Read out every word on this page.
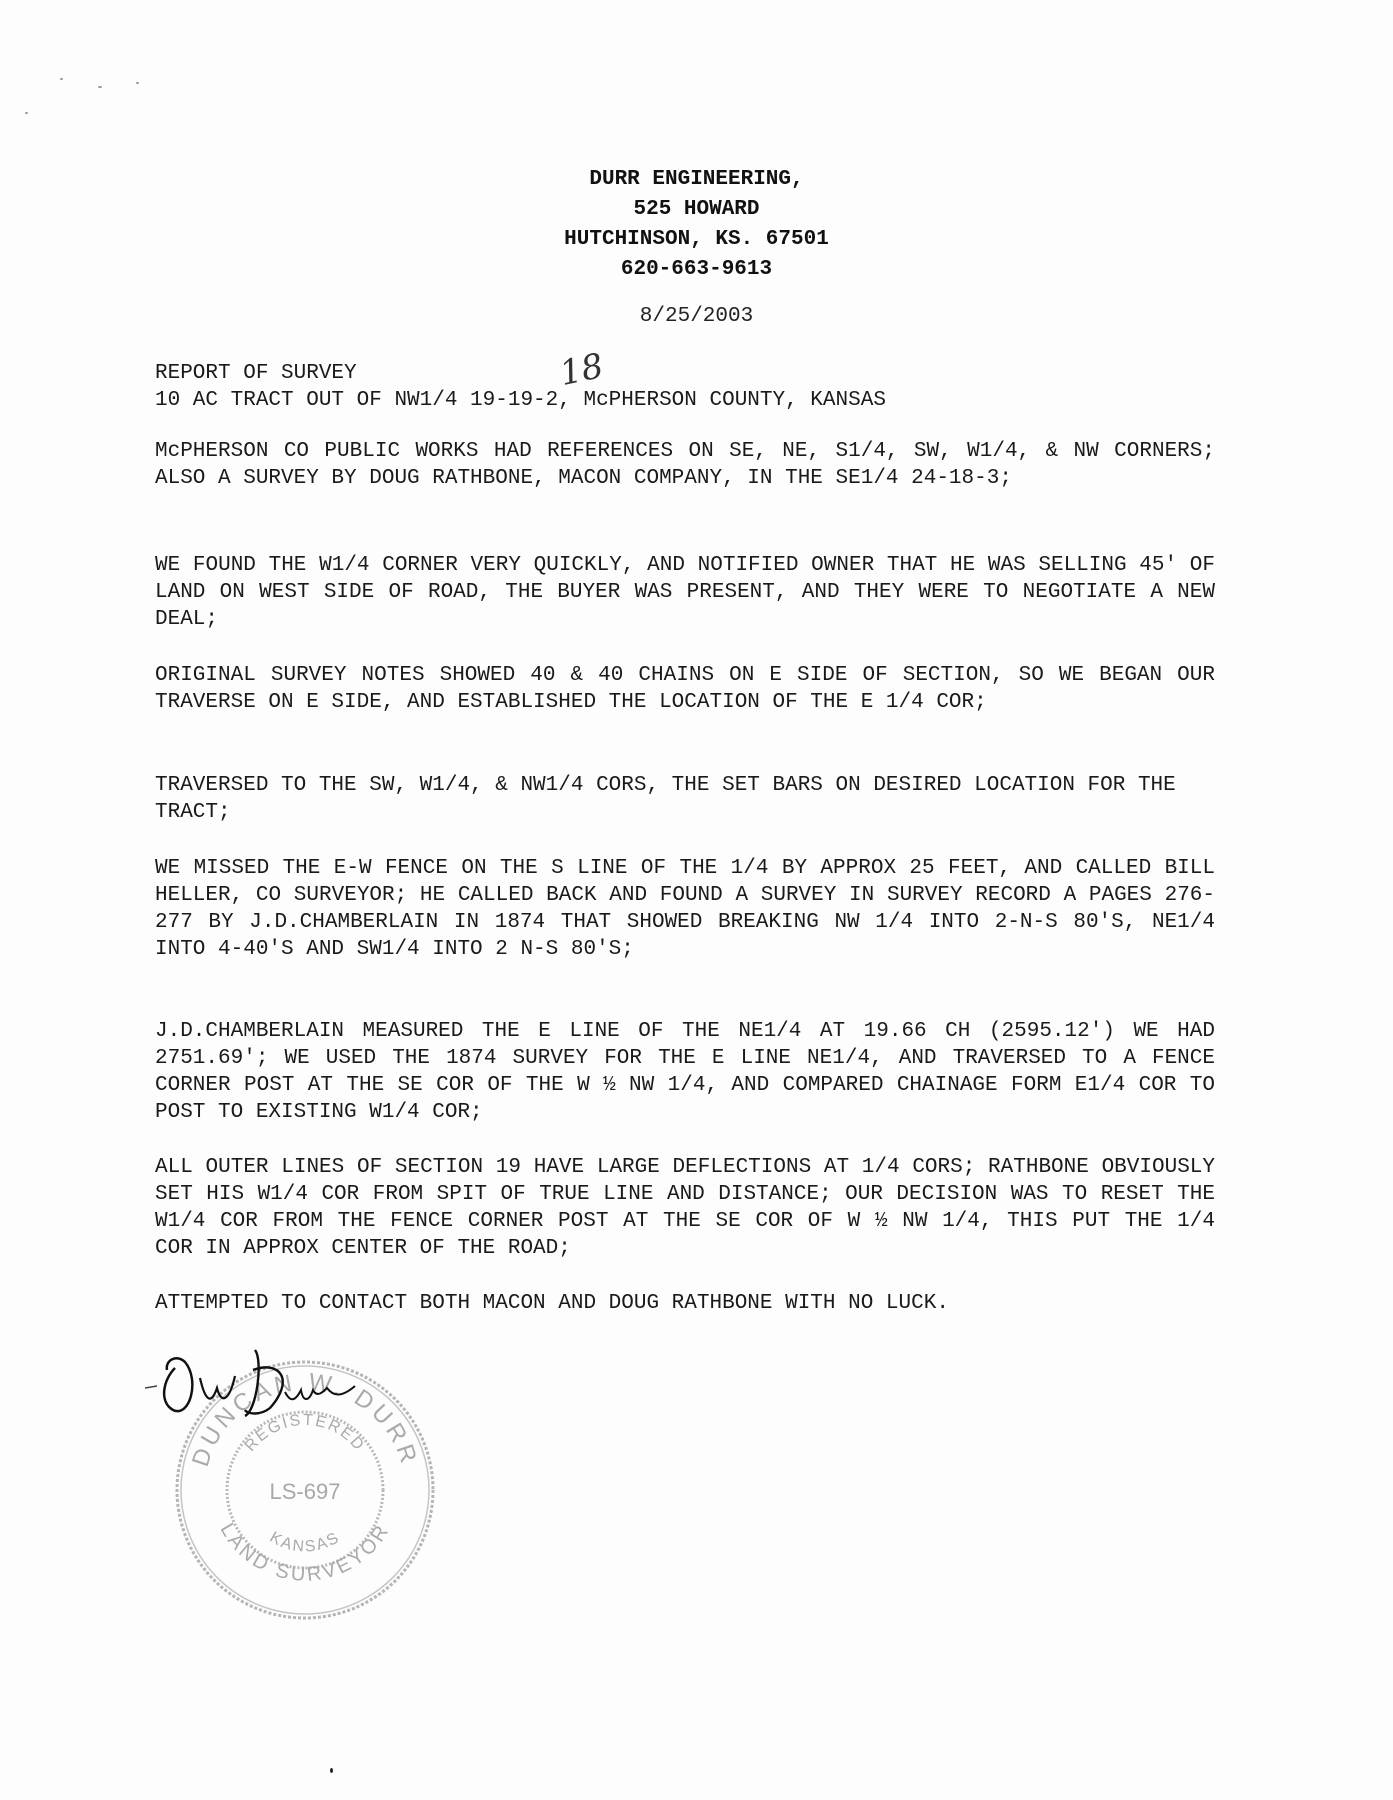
DURR ENGINEERING,
525 HOWARD
HUTCHINSON, KS. 67501
620-663-9613
8/25/2003
REPORT OF SURVEY
10 AC TRACT OUT OF NW1/4 19-19-2, McPHERSON COUNTY, KANSAS
18
McPHERSON CO PUBLIC WORKS HAD REFERENCES ON SE, NE, S1/4, SW, W1/4, & NW CORNERS; ALSO A SURVEY BY DOUG RATHBONE, MACON COMPANY, IN THE SE1/4 24-18-3;
WE FOUND THE W1/4 CORNER VERY QUICKLY, AND NOTIFIED OWNER THAT HE WAS SELLING 45' OF LAND ON WEST SIDE OF ROAD, THE BUYER WAS PRESENT, AND THEY WERE TO NEGOTIATE A NEW DEAL;
ORIGINAL SURVEY NOTES SHOWED 40 & 40 CHAINS ON E SIDE OF SECTION, SO WE BEGAN OUR TRAVERSE ON E SIDE, AND ESTABLISHED THE LOCATION OF THE E 1/4 COR;
TRAVERSED TO THE SW, W1/4, & NW1/4 CORS, THE SET BARS ON DESIRED LOCATION FOR THE TRACT;
WE MISSED THE E-W FENCE ON THE S LINE OF THE 1/4 BY APPROX 25 FEET, AND CALLED BILL HELLER, CO SURVEYOR; HE CALLED BACK AND FOUND A SURVEY IN SURVEY RECORD A PAGES 276-277 BY J.D.CHAMBERLAIN IN 1874 THAT SHOWED BREAKING NW 1/4 INTO 2-N-S 80'S, NE1/4 INTO 4-40'S AND SW1/4 INTO 2 N-S 80'S;
J.D.CHAMBERLAIN MEASURED THE E LINE OF THE NE1/4 AT 19.66 CH (2595.12') WE HAD 2751.69'; WE USED THE 1874 SURVEY FOR THE E LINE NE1/4, AND TRAVERSED TO A FENCE CORNER POST AT THE SE COR OF THE W ½ NW 1/4, AND COMPARED CHAINAGE FORM E1/4 COR TO POST TO EXISTING W1/4 COR;
ALL OUTER LINES OF SECTION 19 HAVE LARGE DEFLECTIONS AT 1/4 CORS; RATHBONE OBVIOUSLY SET HIS W1/4 COR FROM SPIT OF TRUE LINE AND DISTANCE; OUR DECISION WAS TO RESET THE W1/4 COR FROM THE FENCE CORNER POST AT THE SE COR OF W ½ NW 1/4, THIS PUT THE 1/4 COR IN APPROX CENTER OF THE ROAD;
ATTEMPTED TO CONTACT BOTH MACON AND DOUG RATHBONE WITH NO LUCK.
DUNCAN W. DURR
LAND SURVEYOR
REGISTERED
KANSAS
LS-697
